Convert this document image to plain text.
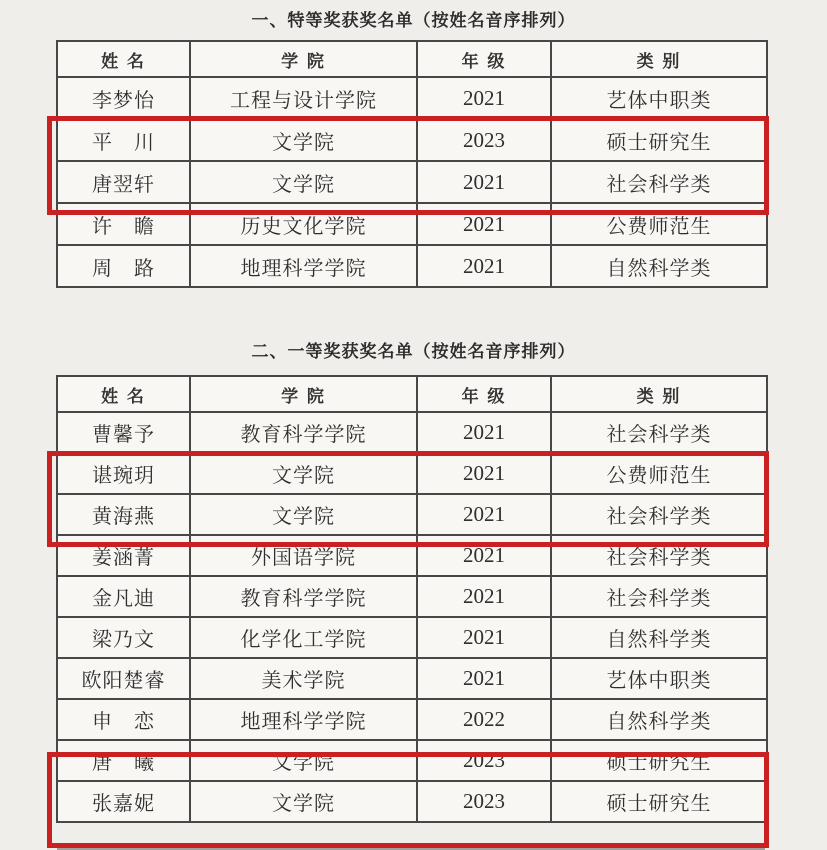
一、特等奖获奖名单（按姓名音序排列）
姓 名	学 院	年 级	类 别
李梦怡	工程与设计学院	2021	艺体中职类
平　川	文学院	2023	硕士研究生
唐翌轩	文学院	2021	社会科学类
许　瞻	历史文化学院	2021	公费师范生
周　路	地理科学学院	2021	自然科学类
二、一等奖获奖名单（按姓名音序排列）
姓 名	学 院	年 级	类 别
曹馨予	教育科学学院	2021	社会科学类
谌琬玥	文学院	2021	公费师范生
黄海燕	文学院	2021	社会科学类
姜涵菁	外国语学院	2021	社会科学类
金凡迪	教育科学学院	2021	社会科学类
梁乃文	化学化工学院	2021	自然科学类
欧阳楚睿	美术学院	2021	艺体中职类
申　恋	地理科学学院	2022	自然科学类
唐　曦	文学院	2023	硕士研究生
张嘉妮	文学院	2023	硕士研究生
